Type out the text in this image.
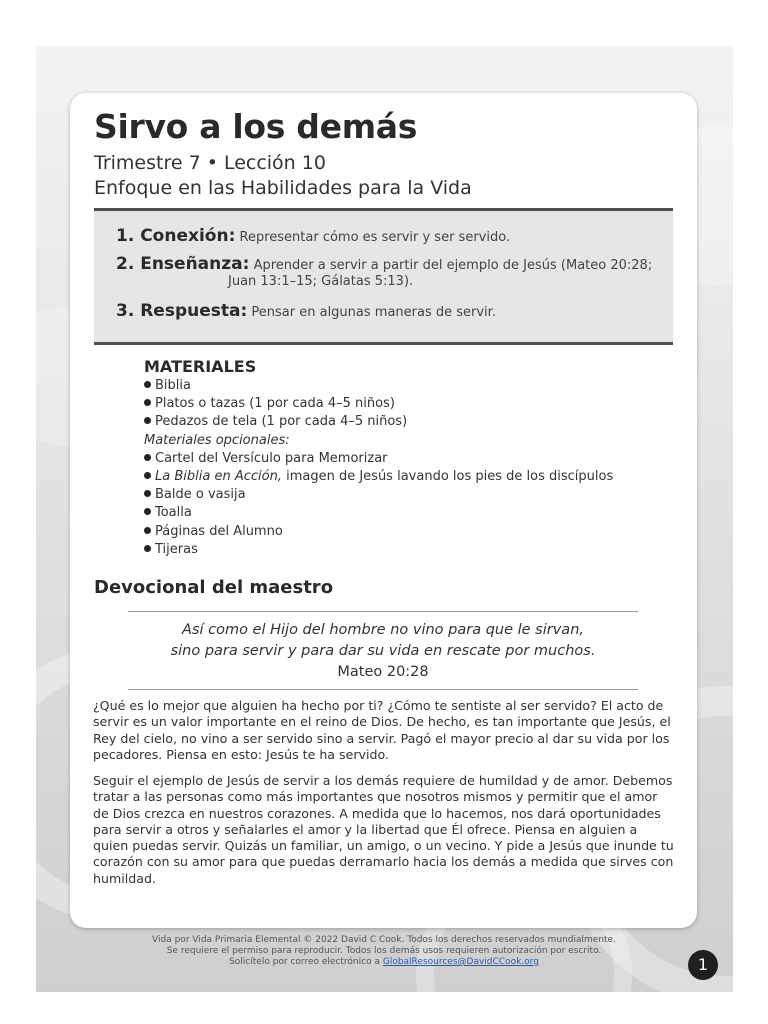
Sirvo a los demás
Trimestre 7 • Lección 10
Enfoque en las Habilidades para la Vida
1. Conexión: Representar cómo es servir y ser servido.
2. Enseñanza: Aprender a servir a partir del ejemplo de Jesús (Mateo 20:28;
Juan 13:1–15; Gálatas 5:13).
3. Respuesta: Pensar en algunas maneras de servir.
MATERIALES
Biblia
Platos o tazas (1 por cada 4–5 niños)
Pedazos de tela (1 por cada 4–5 niños)
Materiales opcionales:
Cartel del Versículo para Memorizar
La Biblia en Acción, imagen de Jesús lavando los pies de los discípulos
Balde o vasija
Toalla
Páginas del Alumno
Tijeras
Devocional del maestro
Así como el Hijo del hombre no vino para que le sirvan,
sino para servir y para dar su vida en rescate por muchos.
Mateo 20:28

¿Qué es lo mejor que alguien ha hecho por ti? ¿Cómo te sentiste al ser servido? El acto de servir es un valor importante en el reino de Dios. De hecho, es tan importante que Jesús, el Rey del cielo, no vino a ser servido sino a servir. Pagó el mayor precio al dar su vida por los pecadores. Piensa en esto: Jesús te ha servido.

Seguir el ejemplo de Jesús de servir a los demás requiere de humildad y de amor. Debemos tratar a las personas como más importantes que nosotros mismos y permitir que el amor de Dios crezca en nuestros corazones. A medida que lo hacemos, nos dará oportunidades para servir a otros y señalarles el amor y la libertad que Él ofrece. Piensa en alguien a quien puedas servir. Quizás un familiar, un amigo, o un vecino. Y pide a Jesús que inunde tu corazón con su amor para que puedas derramarlo hacia los demás a medida que sirves con humildad.

Vida por Vida Primaria Elemental © 2022 David C Cook. Todos los derechos reservados mundialmente.
Se requiere el permiso para reproducir. Todos los demás usos requieren autorización por escrito.
Solicítelo por correo electrónico a GlobalResources@DavidCCook.org	1
